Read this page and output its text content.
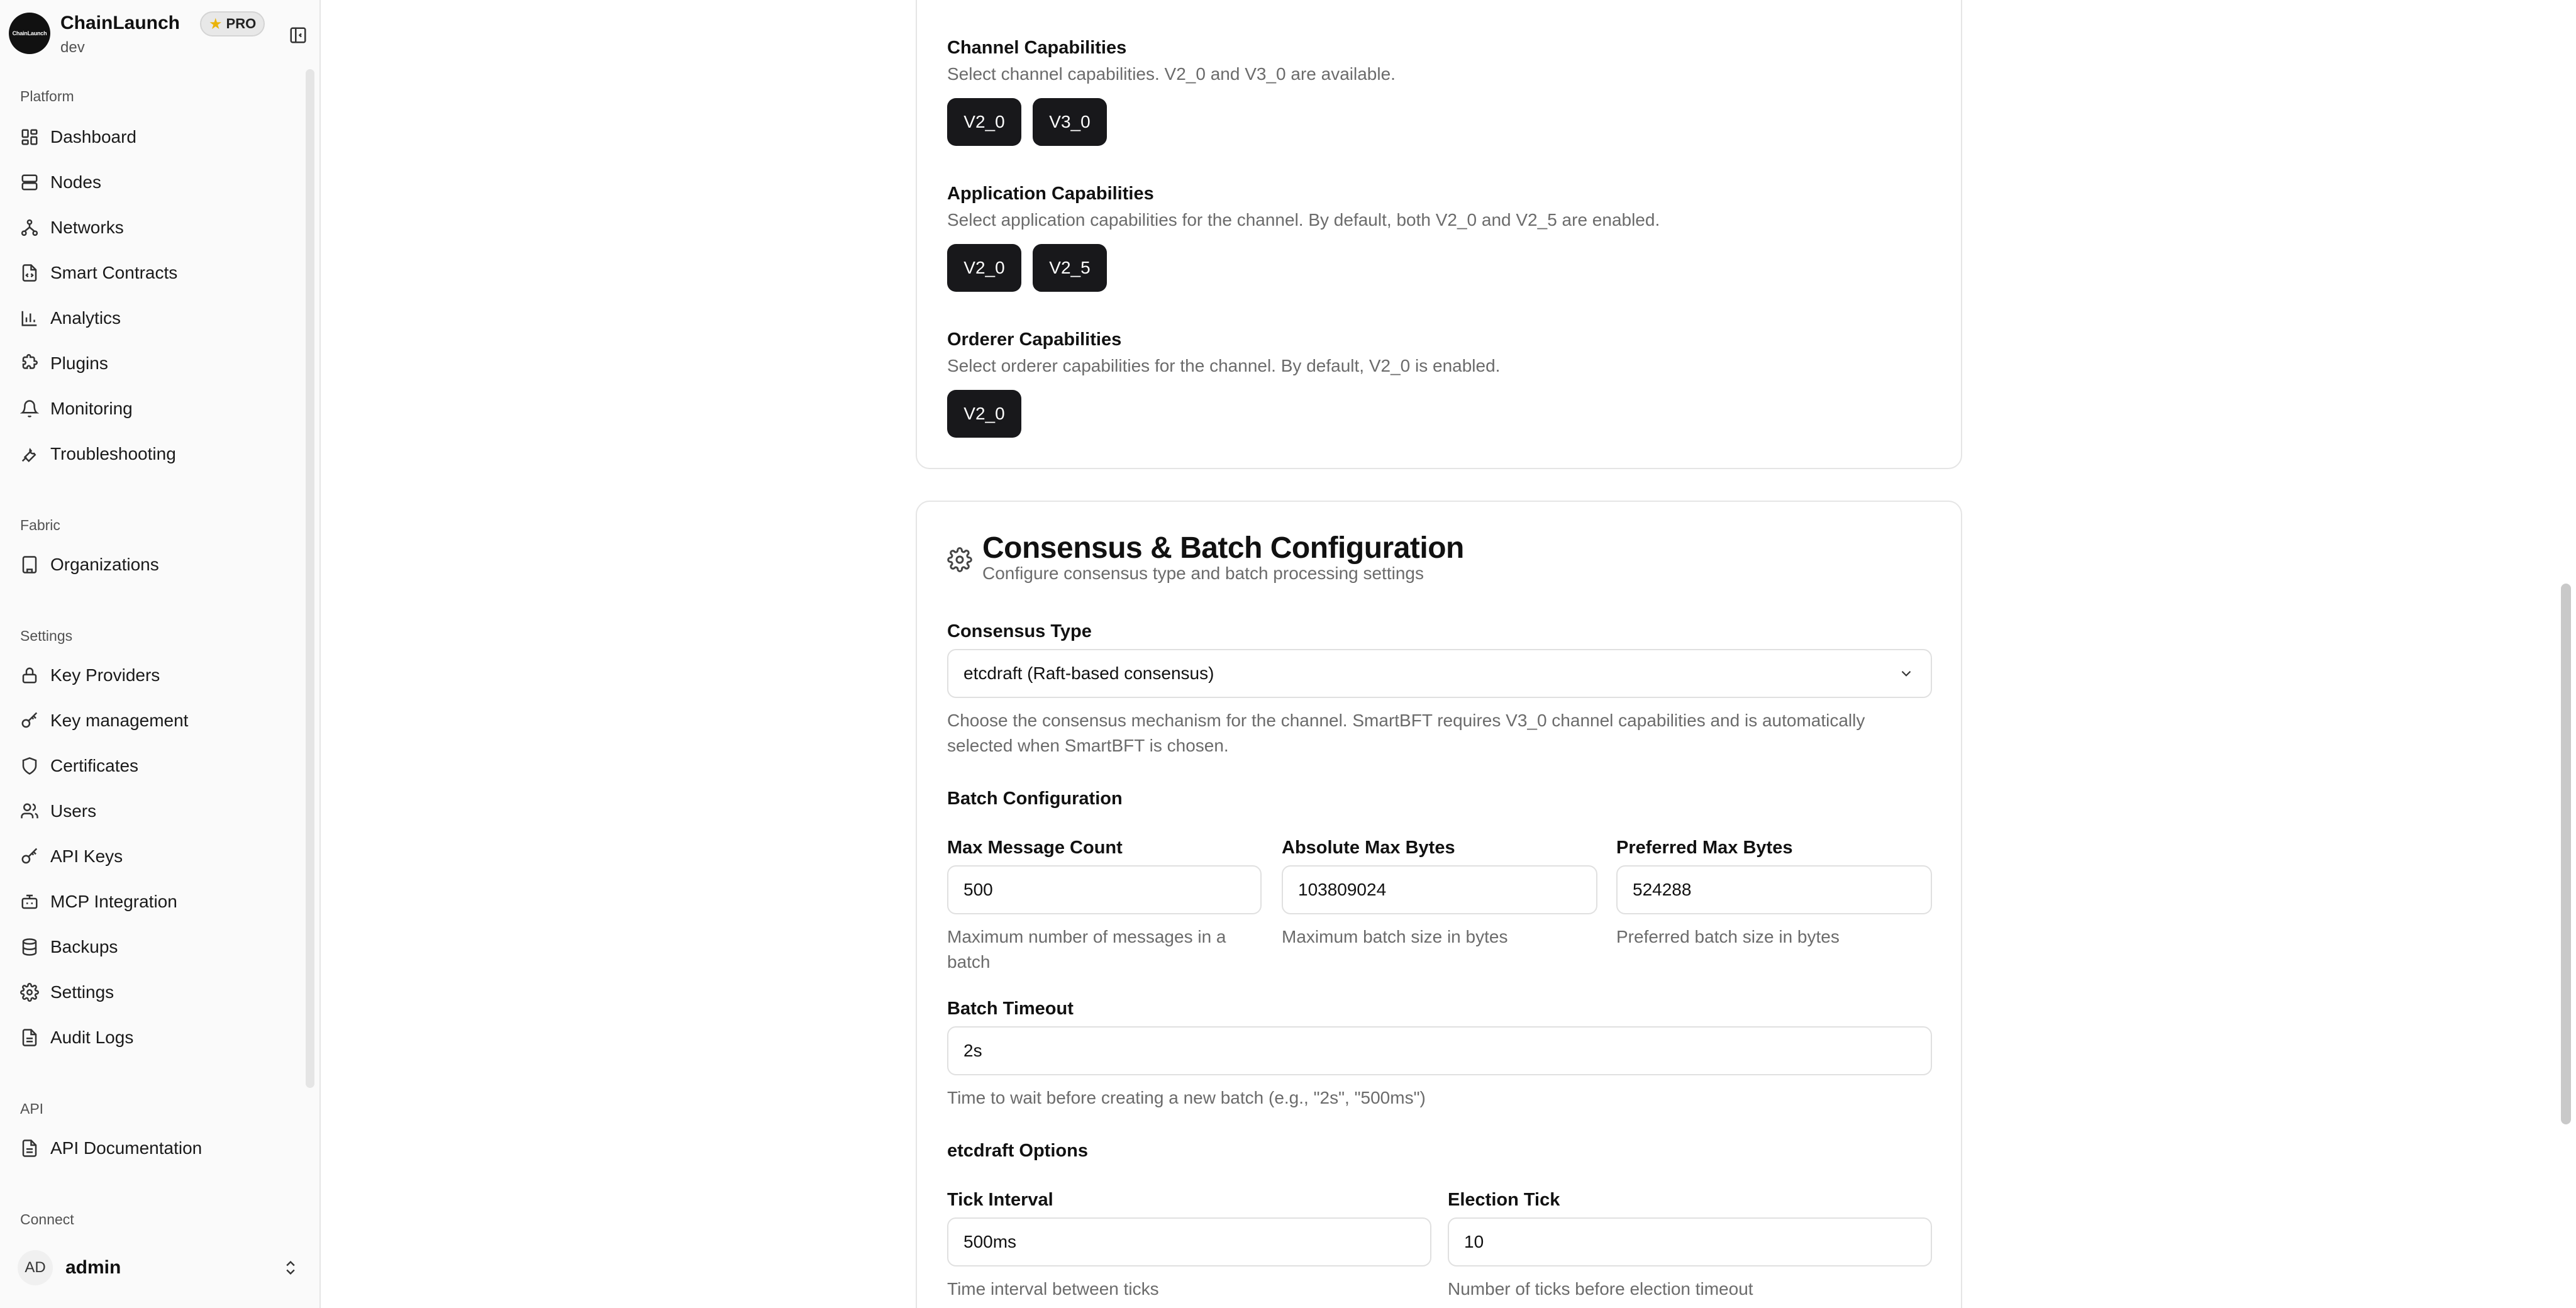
ChainLaunch ChainLaunch
dev
★ PRO
Platform
Dashboard
Nodes
Networks
Smart Contracts
Analytics
Plugins
Monitoring
Troubleshooting
Fabric
Organizations
Settings
Key Providers
Key management
Certificates
Users
API Keys
MCP Integration
Backups
Settings
Audit Logs
API
API Documentation
Connect
AD	admin
Channel Capabilities
Select channel capabilities. V2_0 and V3_0 are available.
V2_0	V3_0
Application Capabilities
Select application capabilities for the channel. By default, both V2_0 and V2_5 are enabled.
V2_0	V2_5
Orderer Capabilities
Select orderer capabilities for the channel. By default, V2_0 is enabled.
V2_0
Consensus & Batch Configuration
Configure consensus type and batch processing settings
Consensus Type
etcdraft (Raft-based consensus)
Choose the consensus mechanism for the channel. SmartBFT requires V3_0 channel capabilities and is automatically
selected when SmartBFT is chosen.
Batch Configuration
Max Message Count
500
Maximum number of messages in a
batch
Absolute Max Bytes
103809024
Maximum batch size in bytes
Preferred Max Bytes
524288
Preferred batch size in bytes
Batch Timeout
2s
Time to wait before creating a new batch (e.g., "2s", "500ms")
etcdraft Options
Tick Interval
500ms
Time interval between ticks
Election Tick
10
Number of ticks before election timeout
